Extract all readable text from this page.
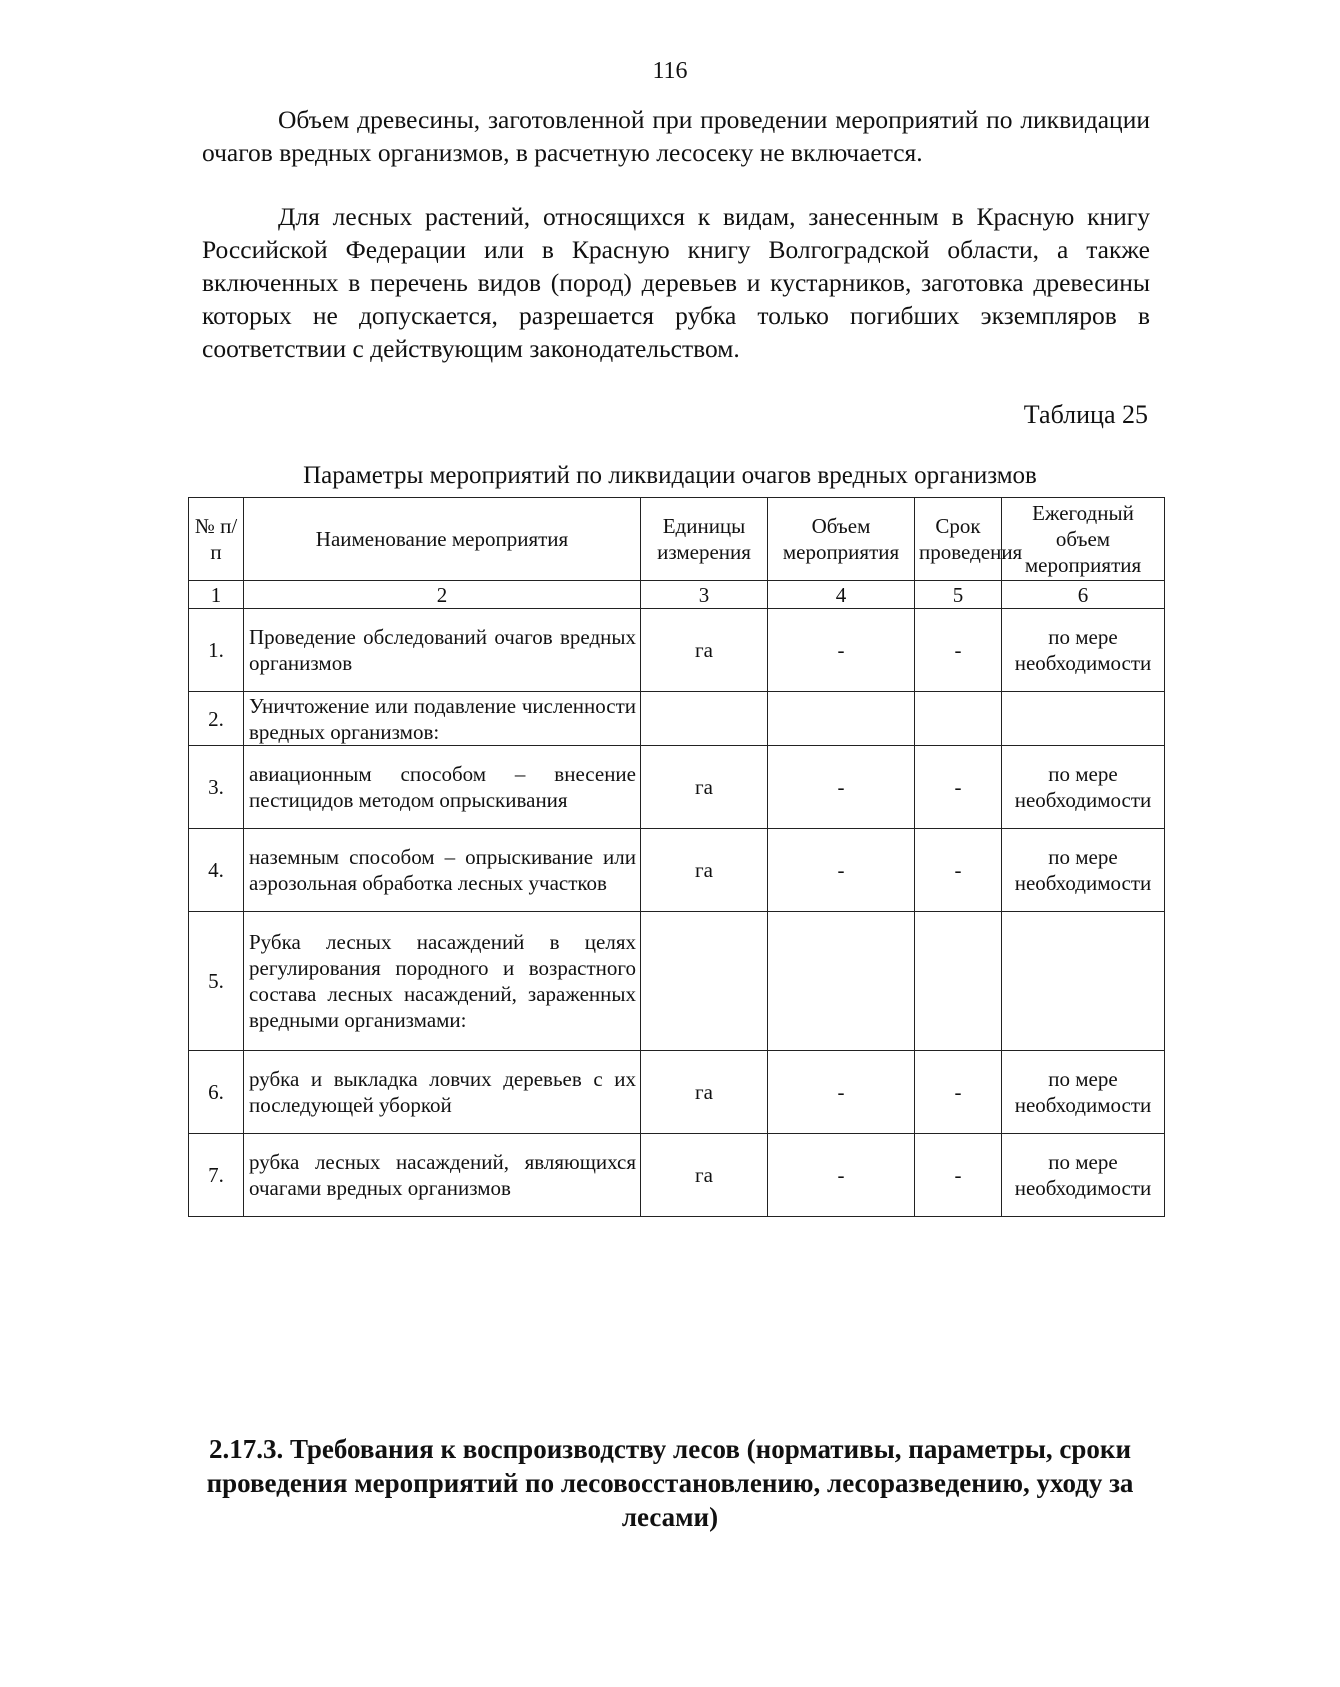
116

Объем древесины, заготовленной при проведении мероприятий по ликвидации очагов вредных организмов, в расчетную лесосеку не включается.

Для лесных растений, относящихся к видам, занесенным в Красную книгу Российской Федерации или в Красную книгу Волгоградской области, а также включенных в перечень видов (пород) деревьев и кустарников, заготовка древесины которых не допускается, разрешается рубка только погибших экземпляров в соответствии с действующим законодательством.

Таблица 25
Параметры мероприятий по ликвидации очагов вредных организмов
№ п/п	Наименование мероприятия	Единицы измерения	Объем мероприятия	Срок проведения	Ежегодный объем мероприятия
1	2	3	4	5	6
1.	Проведение обследований очагов вредных организмов	га	-	-	по мере необходимости
2.	Уничтожение или подавление численности вредных организмов:				
3.	авиационным способом – внесение пестицидов методом опрыскивания	га	-	-	по мере необходимости
4.	наземным способом – опрыскивание или аэрозольная обработка лесных участков	га	-	-	по мере необходимости
5.	Рубка лесных насаждений в целях регулирования породного и возрастного состава лесных насаждений, зараженных вредными организмами:				
6.	рубка и выкладка ловчих деревьев с их последующей уборкой	га	-	-	по мере необходимости
7.	рубка лесных насаждений, являющихся очагами вредных организмов	га	-	-	по мере необходимости
2.17.3. Требования к воспроизводству лесов (нормативы, параметры, сроки проведения мероприятий по лесовосстановлению, лесоразведению, уходу за лесами)
